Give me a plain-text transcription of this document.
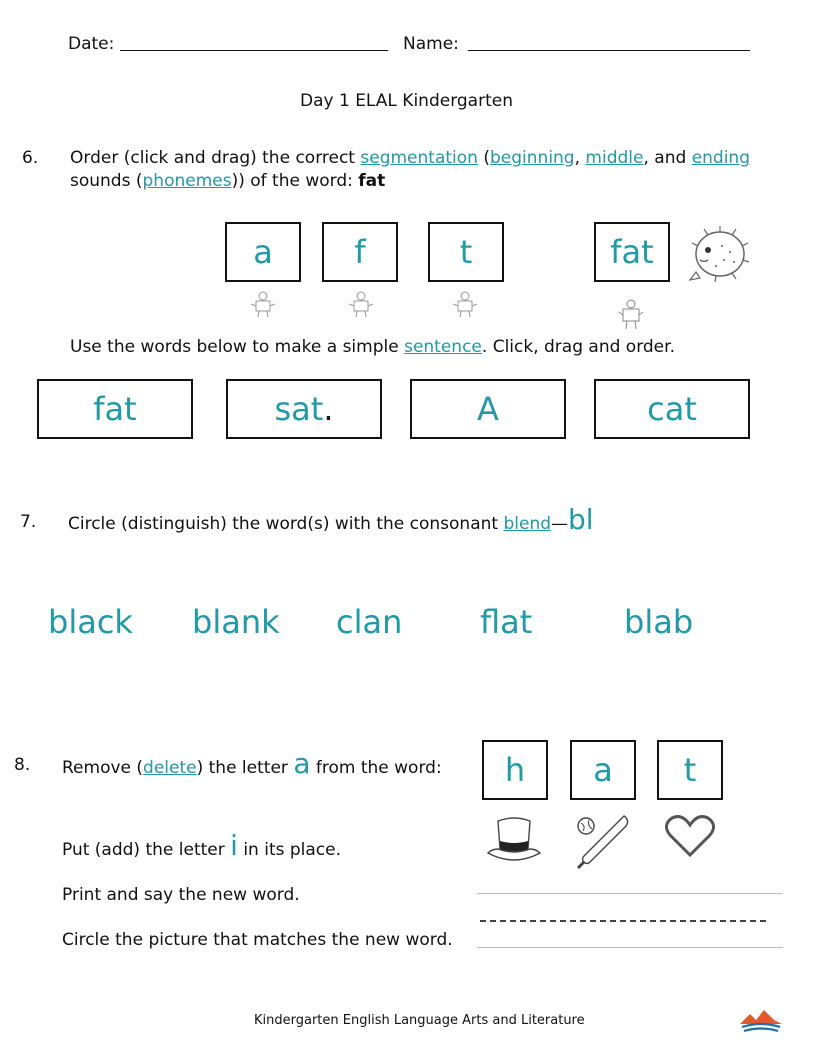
Date:	Name:
Day 1 ELAL Kindergarten
6. Order (click and drag) the correct segmentation (beginning, middle, and ending
sounds (phonemes)) of the word: fat
a	f	t	fat
Use the words below to make a simple sentence. Click, drag and order.
fat	sat .	A	cat
7. Circle (distinguish) the word(s) with the consonant blend—bl
black blank clan flat	blab
8. Remove (delete) the letter a from the word:	h	a	t
Put (add) the letter i in its place.
Print and say the new word.
Circle the picture that matches the new word.
Kindergarten English Language Arts and Literature
